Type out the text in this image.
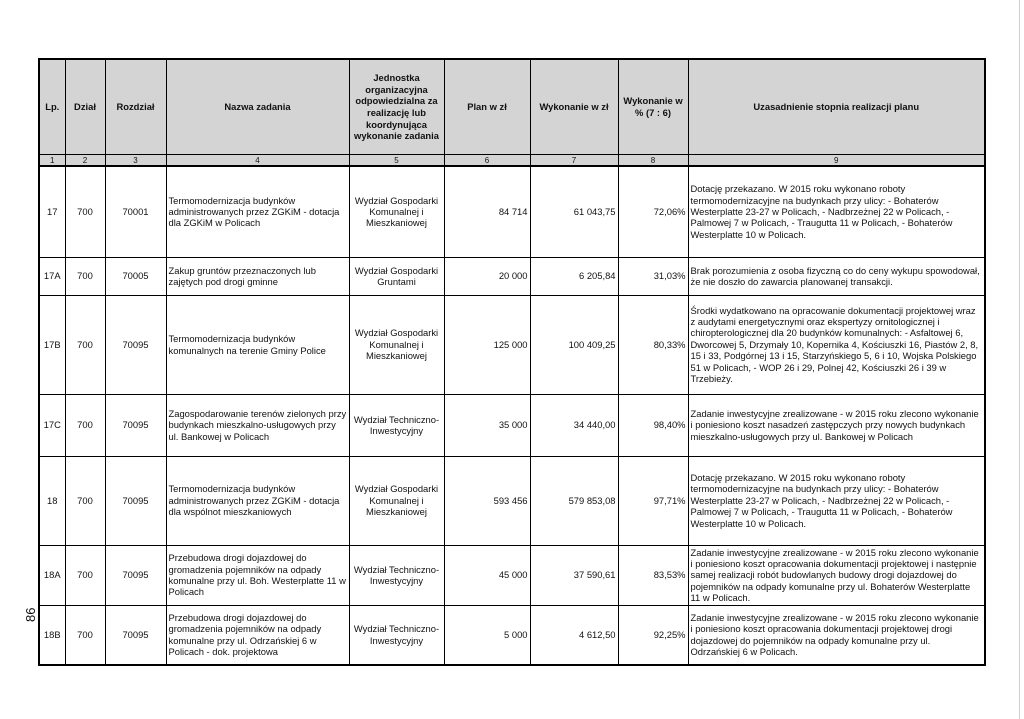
86
Lp.	Dział	Rozdział	Nazwa zadania	Jednostka organizacyjna odpowiedzialna za realizację lub koordynująca wykonanie zadania	Plan w zł	Wykonanie w zł	Wykonanie w % (7 : 6)	Uzasadnienie stopnia realizacji planu
1	2	3	4	5	6	7	8	9
17	700	70001	Termomodernizacja budynków administrowanych przez ZGKiM - dotacja dla ZGKiM w Policach	Wydział Gospodarki Komunalnej i Mieszkaniowej	84 714	61 043,75	72,06%	Dotację przekazano. W 2015 roku wykonano roboty termomodernizacyjne na budynkach przy ulicy: - Bohaterów Westerplatte 23-27 w Policach, - Nadbrzeżnej 22 w Policach, - Palmowej 7 w Policach, - Traugutta 11 w Policach, - Bohaterów Westerplatte 10 w Policach.
17A	700	70005	Zakup gruntów przeznaczonych lub zajętych pod drogi gminne	Wydział Gospodarki Gruntami	20 000	6 205,84	31,03%	Brak porozumienia z osoba fizyczną co do ceny wykupu spowodował, że nie doszło do zawarcia planowanej transakcji.
17B	700	70095	Termomodernizacja budynków komunalnych na terenie Gminy Police	Wydział Gospodarki Komunalnej i Mieszkaniowej	125 000	100 409,25	80,33%	Środki wydatkowano na opracowanie dokumentacji projektowej wraz z audytami energetycznymi oraz ekspertyzy ornitologicznej i chiropterologicznej dla 20 budynków komunalnych: - Asfaltowej 6, Dworcowej 5, Drzymały 10, Kopernika 4, Kościuszki 16, Piastów 2, 8, 15 i 33, Podgórnej 13 i 15, Starzyńskiego 5, 6 i 10, Wojska Polskiego 51 w Policach, - WOP 26 i 29, Polnej 42, Kościuszki 26 i 39 w Trzebieży.
17C	700	70095	Zagospodarowanie terenów zielonych przy budynkach mieszkalno-usługowych przy ul. Bankowej w Policach	Wydział Techniczno-Inwestycyjny	35 000	34 440,00	98,40%	Zadanie inwestycyjne zrealizowane - w 2015 roku zlecono wykonanie i poniesiono koszt nasadzeń zastępczych przy nowych budynkach mieszkalno-usługowych przy ul. Bankowej w Policach
18	700	70095	Termomodernizacja budynków administrowanych przez ZGKiM - dotacja dla wspólnot mieszkaniowych	Wydział Gospodarki Komunalnej i Mieszkaniowej	593 456	579 853,08	97,71%	Dotację przekazano. W 2015 roku wykonano roboty termomodernizacyjne na budynkach przy ulicy: - Bohaterów Westerplatte 23-27 w Policach, - Nadbrzeżnej 22 w Policach, - Palmowej 7 w Policach, - Traugutta 11 w Policach, - Bohaterów Westerplatte 10 w Policach.
18A	700	70095	Przebudowa drogi dojazdowej do gromadzenia pojemników na odpady komunalne przy ul. Boh. Westerplatte 11 w Policach	Wydział Techniczno-Inwestycyjny	45 000	37 590,61	83,53%	Zadanie inwestycyjne zrealizowane - w 2015 roku zlecono wykonanie i poniesiono koszt opracowania dokumentacji projektowej i następnie samej realizacji robót budowlanych budowy drogi dojazdowej do pojemników na odpady komunalne przy ul. Bohaterów Westerplatte 11 w Policach.
18B	700	70095	Przebudowa drogi dojazdowej do gromadzenia pojemników na odpady komunalne przy ul. Odrzańskiej 6 w Policach - dok. projektowa	Wydział Techniczno-Inwestycyjny	5 000	4 612,50	92,25%	Zadanie inwestycyjne zrealizowane - w 2015 roku zlecono wykonanie i poniesiono koszt opracowania dokumentacji projektowej drogi dojazdowej do pojemników na odpady komunalne przy ul. Odrzańskiej 6 w Policach.
